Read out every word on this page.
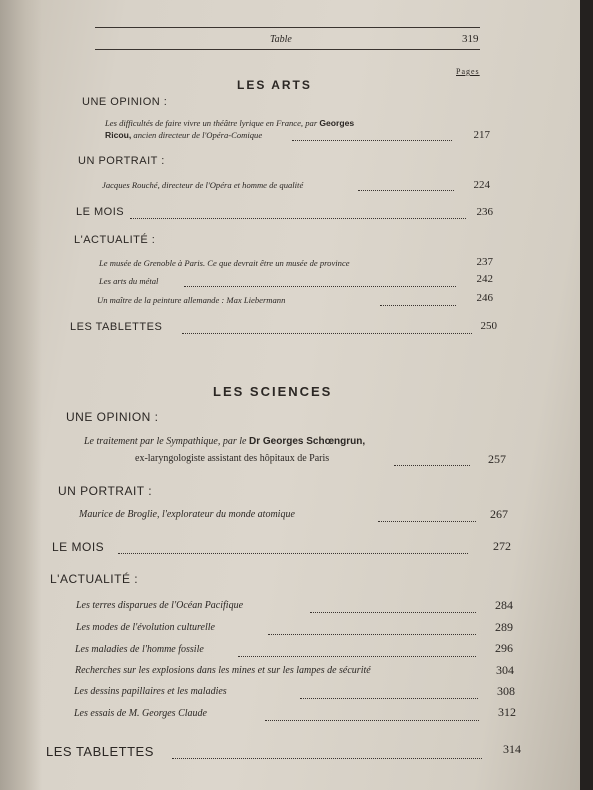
Table	319
Pages
LES ARTS
UNE OPINION :
Les difficultés de faire vivre un théâtre lyrique en France, par Georges
Ricou, ancien directeur de l'Opéra-Comique	217
UN PORTRAIT :
Jacques Rouché, directeur de l'Opéra et homme de qualité	224
LE MOIS	236
L'ACTUALITÉ :
Le musée de Grenoble à Paris. Ce que devrait être un musée de province	237
Les arts du métal	242
Un maître de la peinture allemande : Max Liebermann	246
LES TABLETTES	250
LES SCIENCES
UNE OPINION :
Le traitement par le Sympathique, par le Dr Georges Schœngrun,
ex-laryngologiste assistant des hôpitaux de Paris	257
UN PORTRAIT :
Maurice de Broglie, l'explorateur du monde atomique	267
LE MOIS	272
L'ACTUALITÉ :
Les terres disparues de l'Océan Pacifique	284
Les modes de l'évolution culturelle	289
Les maladies de l'homme fossile	296
Recherches sur les explosions dans les mines et sur les lampes de sécurité	304
Les dessins papillaires et les maladies	308
Les essais de M. Georges Claude	312
LES TABLETTES	314
